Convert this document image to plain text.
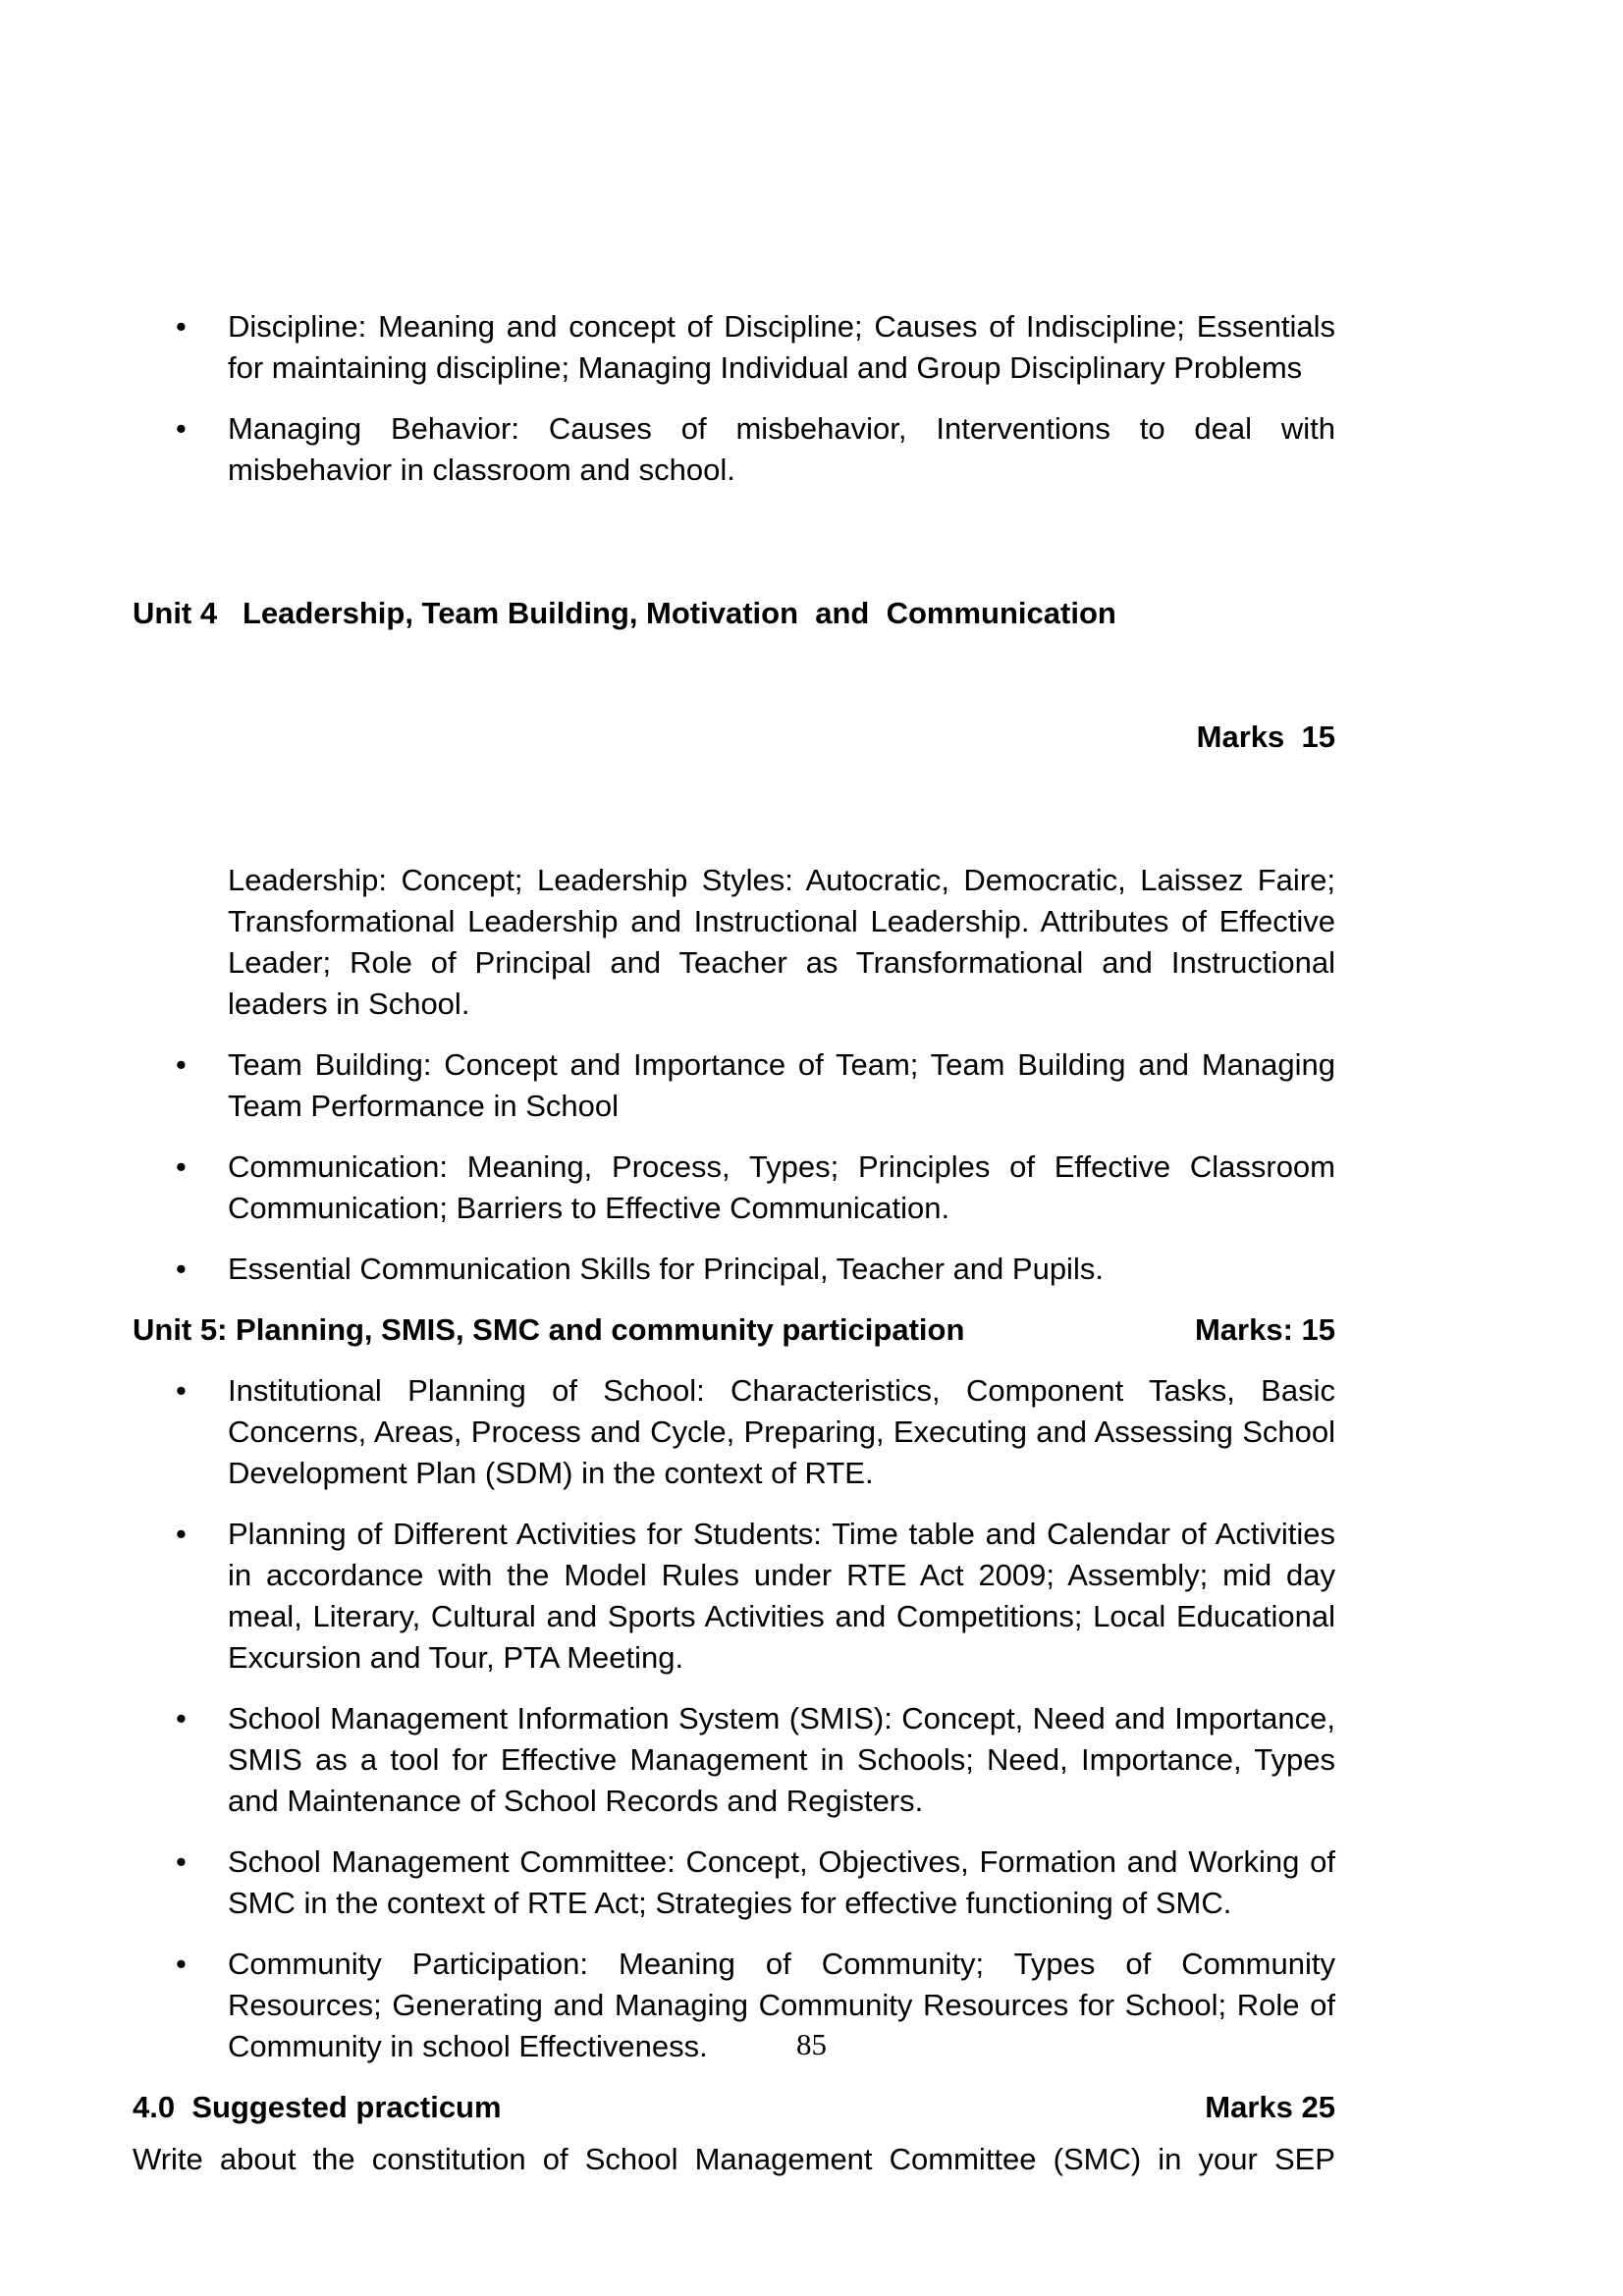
•	Discipline: Meaning and concept of Discipline; Causes of Indiscipline; Essentials for maintaining discipline; Managing Individual and Group Disciplinary Problems
•	Managing Behavior: Causes of misbehavior, Interventions to deal with misbehavior in classroom and school.

Unit 4   Leadership, Team Building, Motivation  and  Communication

Marks  15

Leadership: Concept; Leadership Styles: Autocratic, Democratic, Laissez Faire; Transformational Leadership and Instructional Leadership. Attributes of Effective Leader; Role of Principal and Teacher as Transformational and Instructional leaders in School.
•	Team Building: Concept and Importance of Team; Team Building and Managing Team Performance in School
•	Communication: Meaning, Process, Types; Principles of Effective Classroom Communication; Barriers to Effective Communication.
•	Essential Communication Skills for Principal, Teacher and Pupils.
Unit 5: Planning, SMIS, SMC and community participation	Marks: 15
•	Institutional Planning of School: Characteristics, Component Tasks, Basic Concerns, Areas, Process and Cycle, Preparing, Executing and Assessing School Development Plan (SDM) in the context of RTE.
•	Planning of Different Activities for Students: Time table and Calendar of Activities in accordance with the Model Rules under RTE Act 2009; Assembly; mid day meal, Literary, Cultural and Sports Activities and Competitions; Local Educational Excursion and Tour, PTA Meeting.
•	School Management Information System (SMIS): Concept, Need and Importance, SMIS as a tool for Effective Management in Schools; Need, Importance, Types and Maintenance of School Records and Registers.
•	School Management Committee: Concept, Objectives, Formation and Working of SMC in the context of RTE Act; Strategies for effective functioning of SMC.
•	Community Participation: Meaning of Community; Types of Community Resources; Generating and Managing Community Resources for School; Role of Community in school Effectiveness.
4.0  Suggested practicum	Marks 25
Write about the constitution of School Management Committee (SMC) in your SEP
85
